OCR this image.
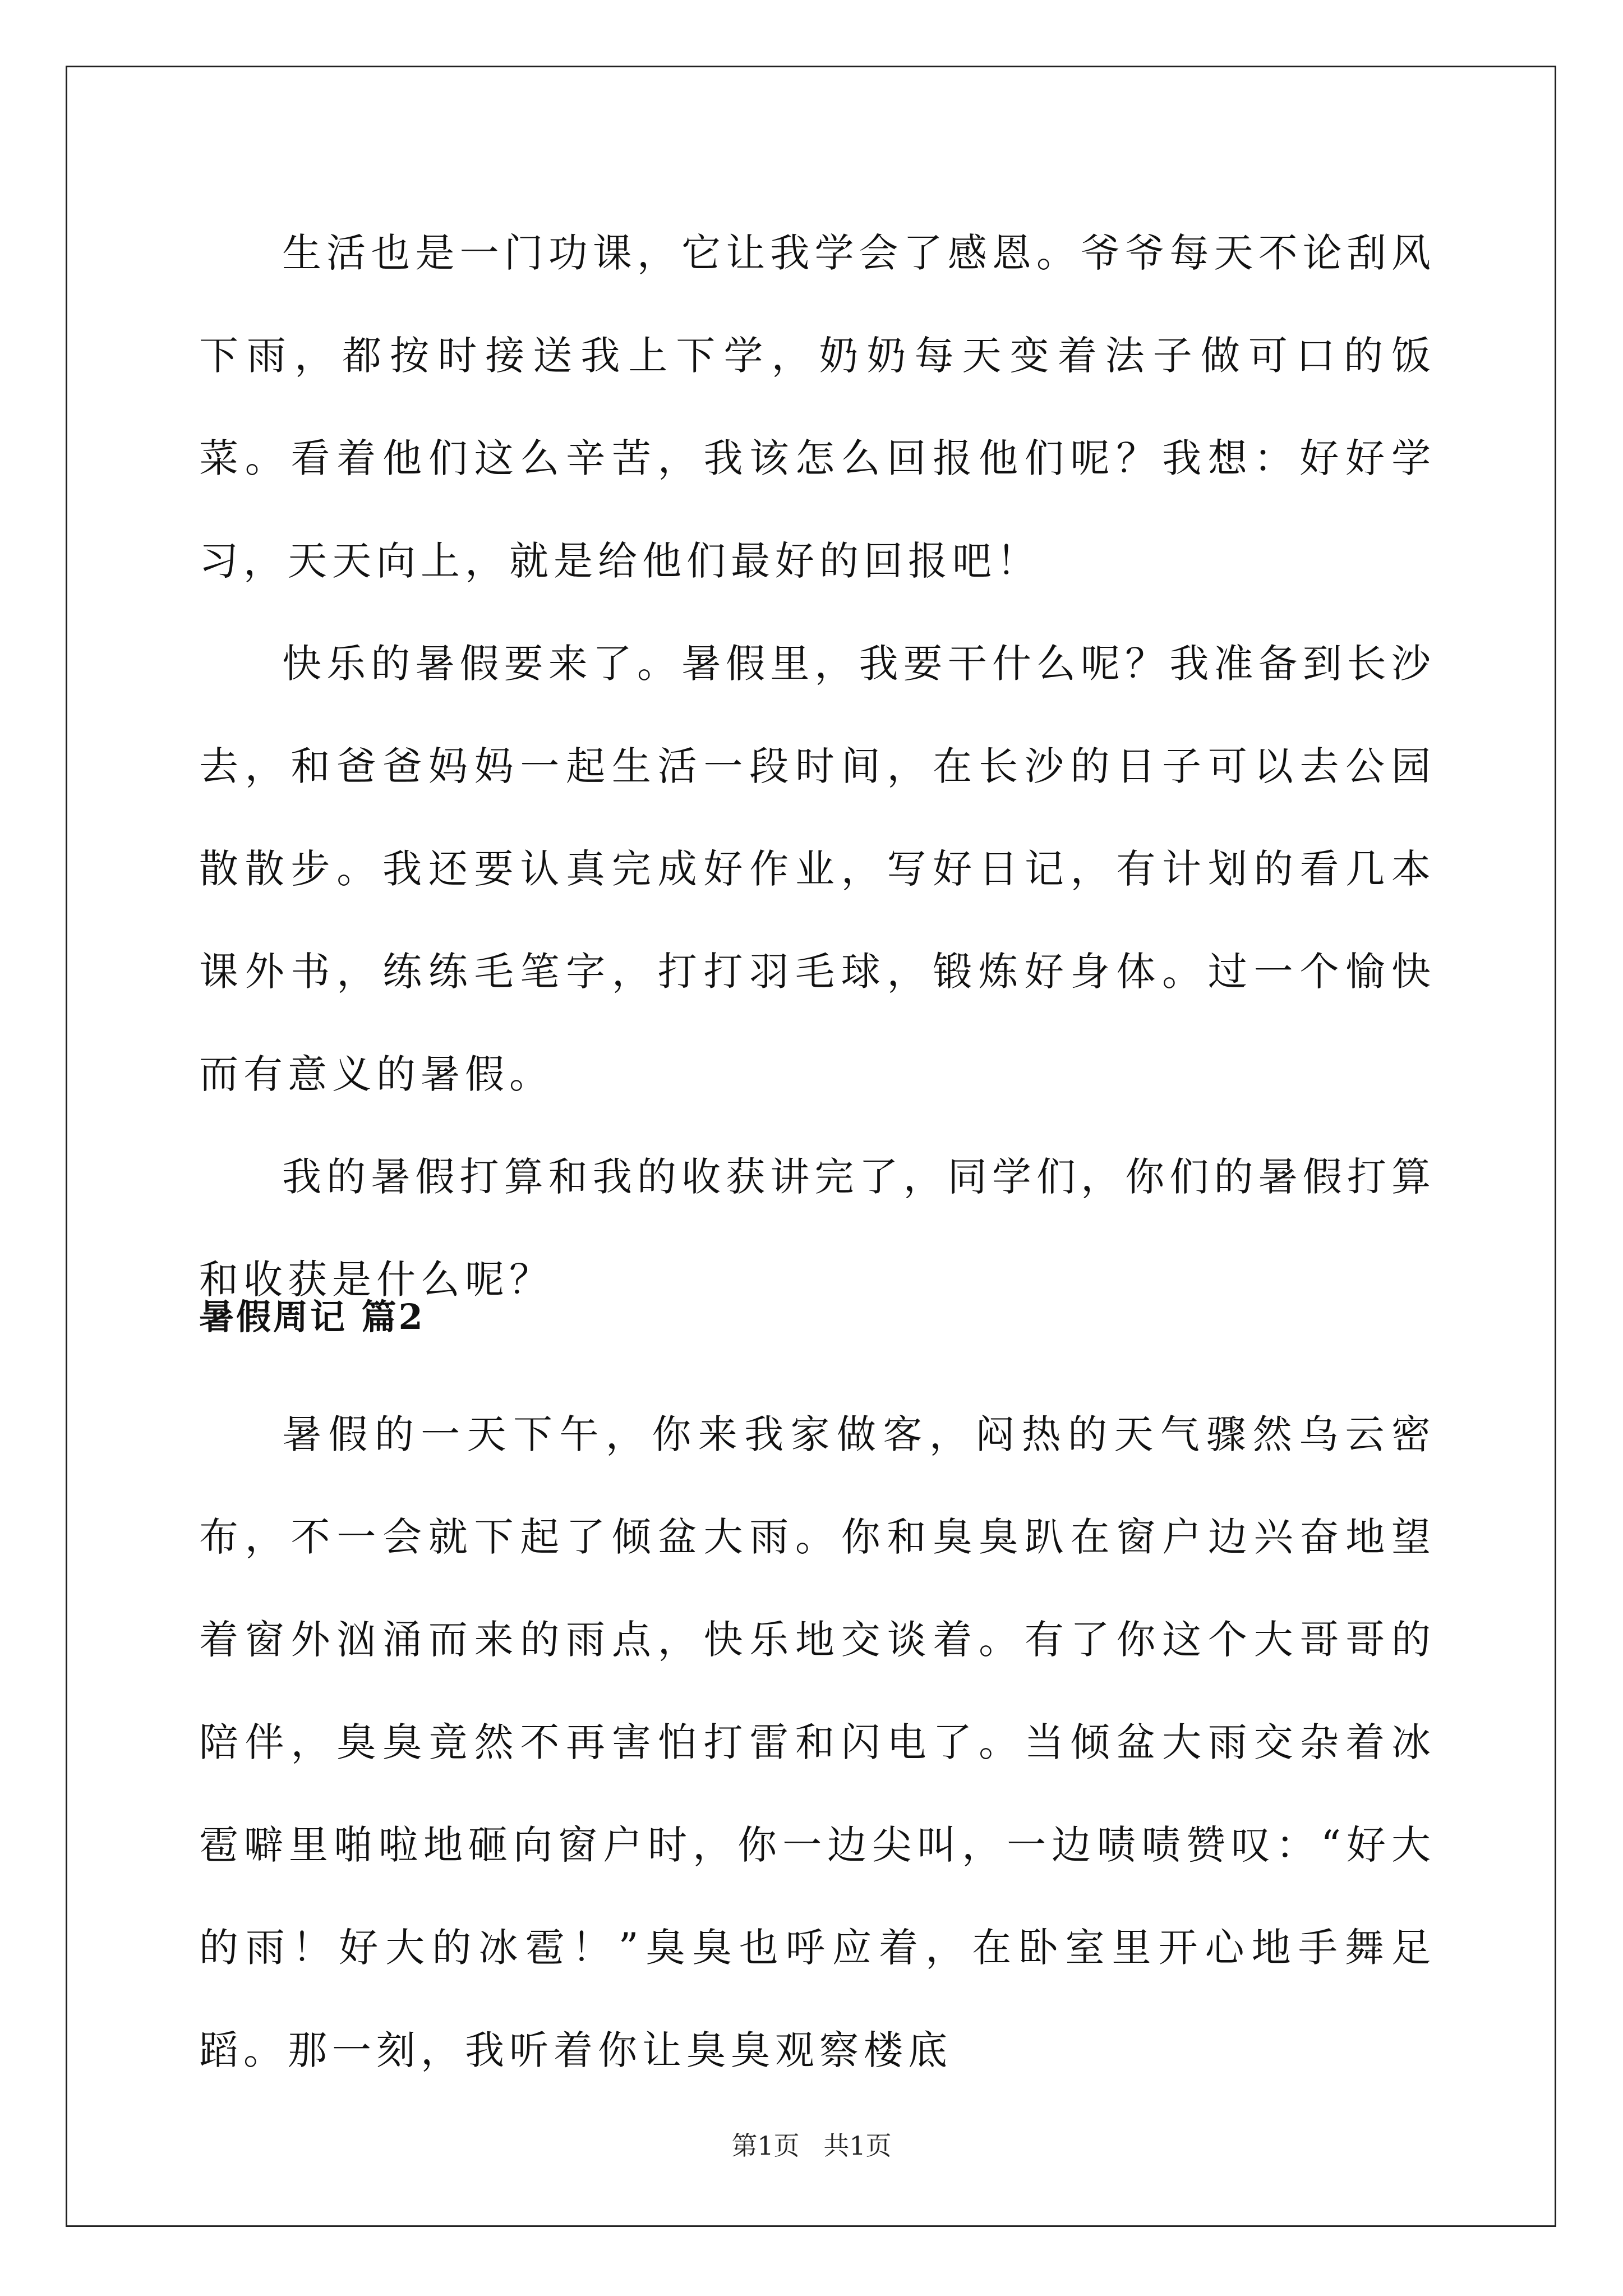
生活也是一门功课，它让我学会了感恩。爷爷每天不论刮风下雨，都按时接送我上下学，奶奶每天变着法子做可口的饭菜。看着他们这么辛苦，我该怎么回报他们呢？我想：好好学习，天天向上，就是给他们最好的回报吧！

快乐的暑假要来了。暑假里，我要干什么呢？我准备到长沙去，和爸爸妈妈一起生活一段时间，在长沙的日子可以去公园散散步。我还要认真完成好作业，写好日记，有计划的看几本课外书，练练毛笔字，打打羽毛球，锻炼好身体。过一个愉快而有意义的暑假。

我的暑假打算和我的收获讲完了，同学们，你们的暑假打算和收获是什么呢？

暑假周记 篇2

暑假的一天下午，你来我家做客，闷热的天气骤然乌云密布，不一会就下起了倾盆大雨。你和臭臭趴在窗户边兴奋地望着窗外汹涌而来的雨点，快乐地交谈着。有了你这个大哥哥的陪伴，臭臭竟然不再害怕打雷和闪电了。当倾盆大雨交杂着冰雹噼里啪啦地砸向窗户时，你一边尖叫，一边啧啧赞叹：“好大的雨！好大的冰雹！”臭臭也呼应着，在卧室里开心地手舞足蹈。那一刻，我听着你让臭臭观察楼底

第1页 共1页
